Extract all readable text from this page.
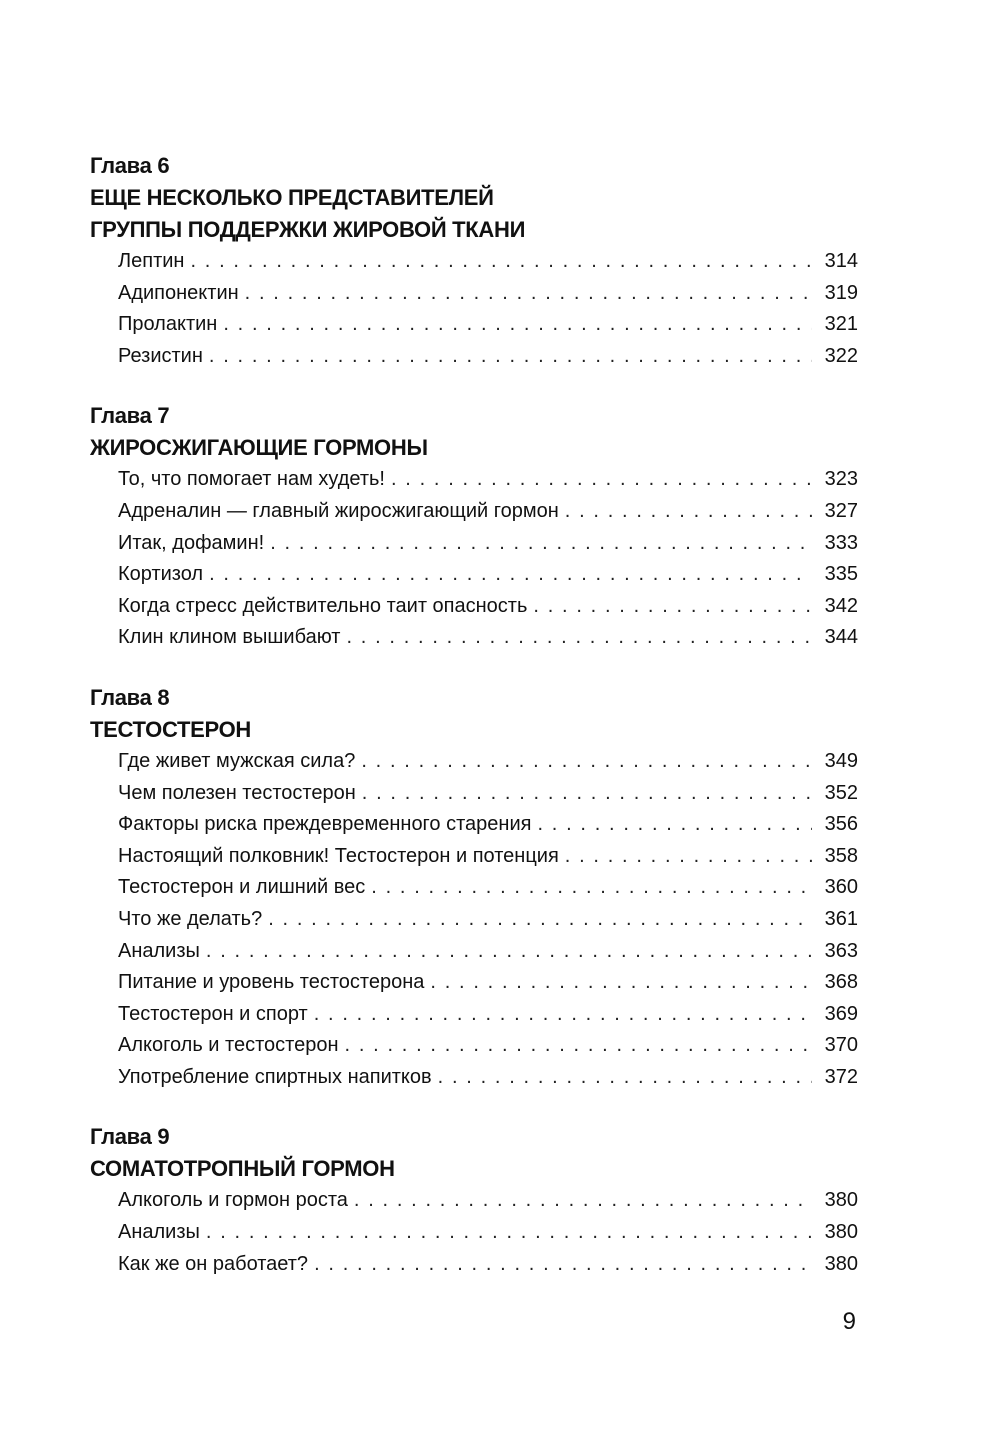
Глава 6
ЕЩЕ НЕСКОЛЬКО ПРЕДСТАВИТЕЛЕЙ
ГРУППЫ ПОДДЕРЖКИ ЖИРОВОЙ ТКАНИ
Лептин . . .	314
Адипонектин . . .	319
Пролактин . . .	321
Резистин . . .	322
Глава 7
ЖИРОСЖИГАЮЩИЕ ГОРМОНЫ
То, что помогает нам худеть! . . .	323
Адреналин — главный жиросжигающий гормон . . .	327
Итак, дофамин! . . .	333
Кортизол . . .	335
Когда стресс действительно таит опасность . . .	342
Клин клином вышибают . . .	344
Глава 8
ТЕСТОСТЕРОН
Где живет мужская сила? . . .	349
Чем полезен тестостерон . . .	352
Факторы риска преждевременного старения . . .	356
Настоящий полковник! Тестостерон и потенция . . .	358
Тестостерон и лишний вес . . .	360
Что же делать? . . .	361
Анализы . . .	363
Питание и уровень тестостерона . . .	368
Тестостерон и спорт . . .	369
Алкоголь и тестостерон . . .	370
Употребление спиртных напитков . . .	372
Глава 9
СОМАТОТРОПНЫЙ ГОРМОН
Алкоголь и гормон роста . . .	380
Анализы . . .	380
Как же он работает? . . .	380
9
